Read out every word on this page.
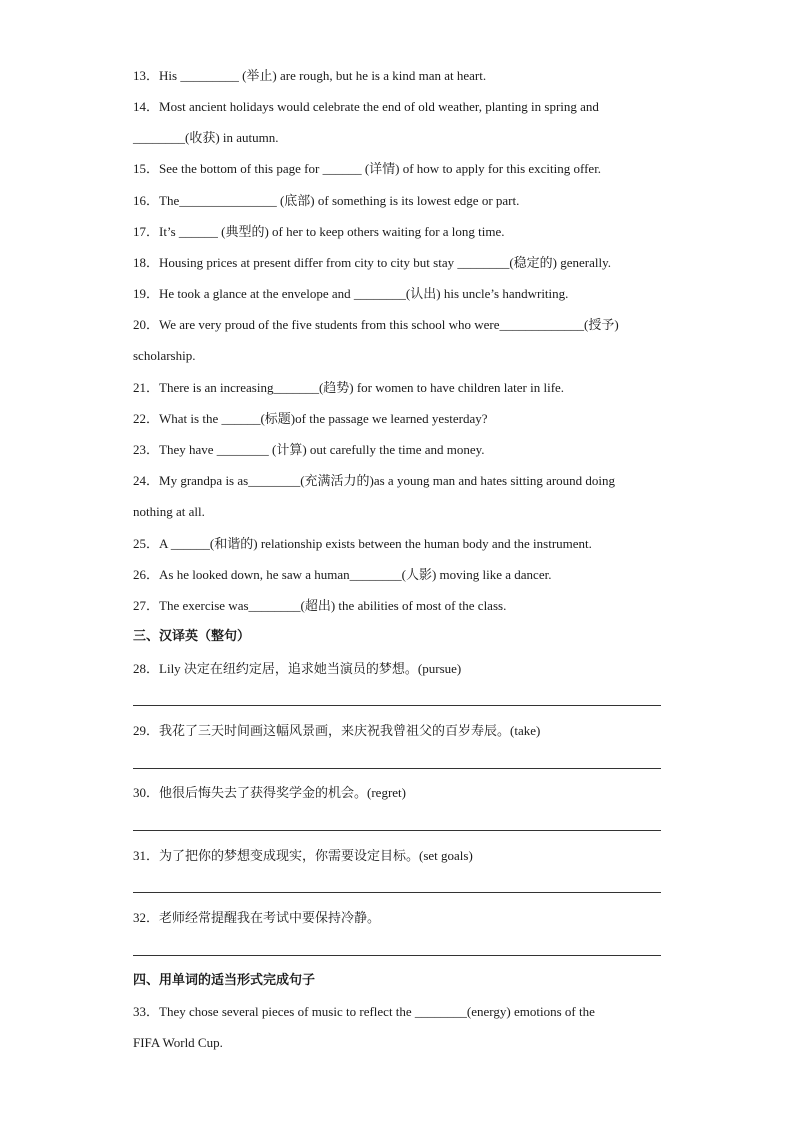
13．His _________ (举止) are rough, but he is a kind man at heart.
14．Most ancient holidays would celebrate the end of old weather, planting in spring and
________(收获) in autumn.
15．See the bottom of this page for ______ (详情) of how to apply for this exciting offer.
16．The_______________ (底部) of something is its lowest edge or part.
17．It’s ______ (典型的) of her to keep others waiting for a long time.
18．Housing prices at present differ from city to city but stay ________(稳定的) generally.
19．He took a glance at the envelope and ________(认出) his uncle’s handwriting.
20．We are very proud of the five students from this school who were_____________(授予)
scholarship.
21．There is an increasing_______(趋势) for women to have children later in life.
22．What is the ______(标题)of the passage we learned yesterday?
23．They have ________ (计算) out carefully the time and money.
24．My grandpa is as________(充满活力的)as a young man and hates sitting around doing
nothing at all.
25．A ______(和谐的) relationship exists between the human body and the instrument.
26．As he looked down, he saw a human________(人影) moving like a dancer.
27．The exercise was________(超出) the abilities of most of the class.
三、汉译英（整句）
28．Lily 决定在纽约定居，追求她当演员的梦想。(pursue)
29．我花了三天时间画这幅风景画，来庆祝我曾祖父的百岁寿辰。(take)
30．他很后悔失去了获得奖学金的机会。(regret)
31．为了把你的梦想变成现实，你需要设定目标。(set goals)
32．老师经常提醒我在考试中要保持冷静。
四、用单词的适当形式完成句子
33．They chose several pieces of music to reflect the ________(energy) emotions of the
FIFA World Cup.
